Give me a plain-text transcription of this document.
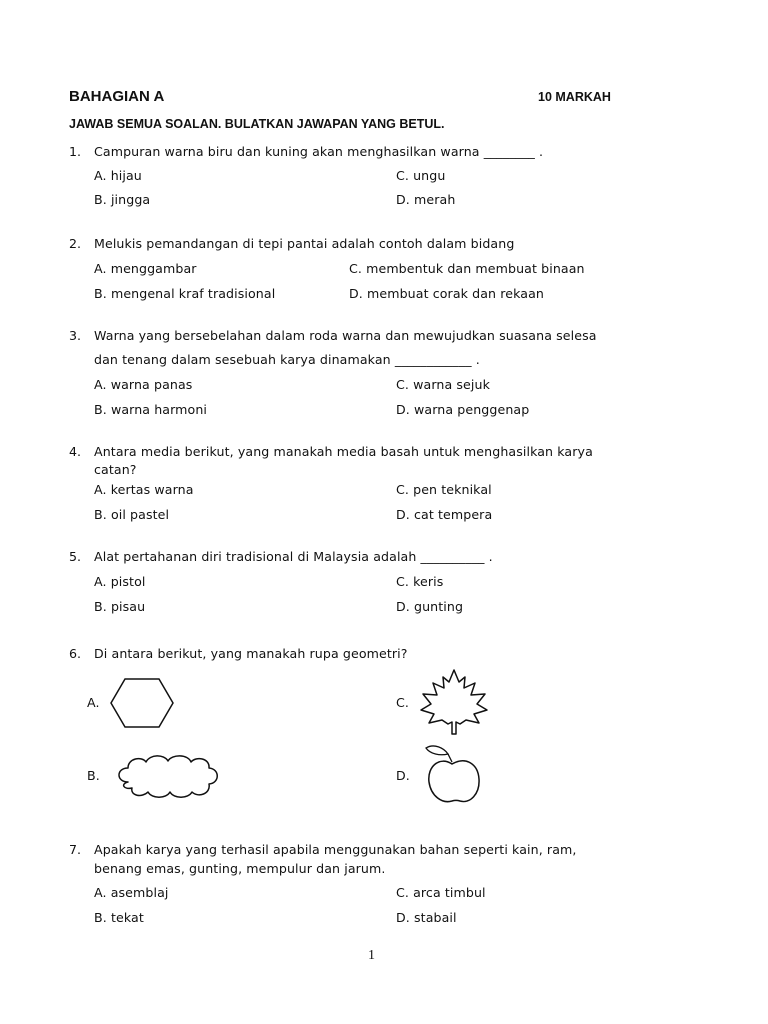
BAHAGIAN A	10 MARKAH
JAWAB SEMUA SOALAN. BULATKAN JAWAPAN YANG BETUL.
1. Campuran warna biru dan kuning akan menghasilkan warna ________ .
A. hijau	C. ungu
B. jingga	D. merah
2. Melukis pemandangan di tepi pantai adalah contoh dalam bidang
A. menggambar	C. membentuk dan membuat binaan
B. mengenal kraf tradisional	D. membuat corak dan rekaan
3. Warna yang bersebelahan dalam roda warna dan mewujudkan suasana selesa
dan tenang dalam sesebuah karya dinamakan ____________ .
A. warna panas	C. warna sejuk
B. warna harmoni	D. warna penggenap
4. Antara media berikut, yang manakah media basah untuk menghasilkan karya
catan?
A. kertas warna	C. pen teknikal
B. oil pastel	D. cat tempera
5. Alat pertahanan diri tradisional di Malaysia adalah __________ .
A. pistol	C. keris
B. pisau	D. gunting
6. Di antara berikut, yang manakah rupa geometri?
A.	C.
B.	D.
7. Apakah karya yang terhasil apabila menggunakan bahan seperti kain, ram,
benang emas, gunting, mempulur dan jarum.
A. asemblaj	C. arca timbul
B. tekat	D. stabail
1
